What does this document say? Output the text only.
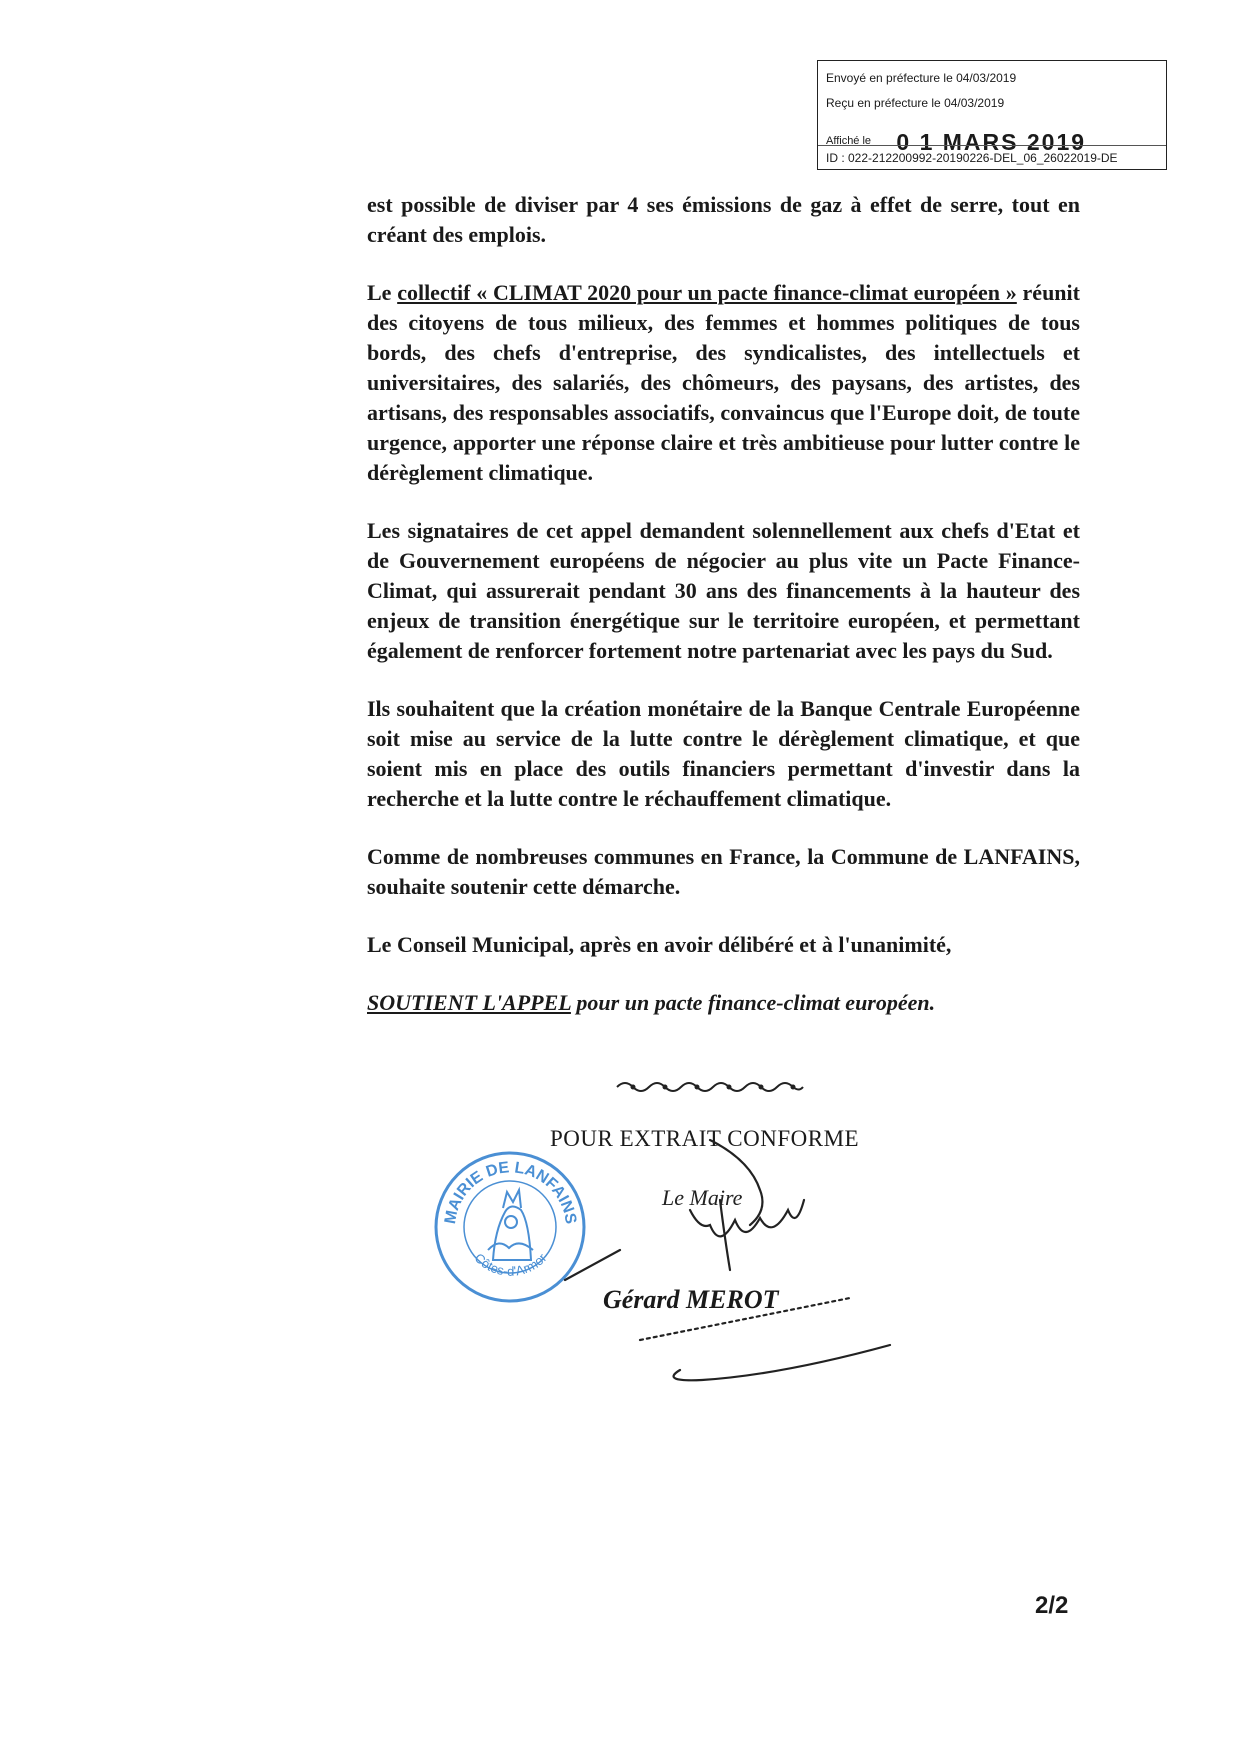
Envoyé en préfecture le 04/03/2019
Reçu en préfecture le 04/03/2019
Affiché le 0 1 MARS 2019
ID : 022-212200992-20190226-DEL_06_26022019-DE

est possible de diviser par 4 ses émissions de gaz à effet de serre, tout en créant des emplois.

Le collectif « CLIMAT 2020 pour un pacte finance-climat européen » réunit des citoyens de tous milieux, des femmes et hommes politiques de tous bords, des chefs d'entreprise, des syndicalistes, des intellectuels et universitaires, des salariés, des chômeurs, des paysans, des artistes, des artisans, des responsables associatifs, convaincus que l'Europe doit, de toute urgence, apporter une réponse claire et très ambitieuse pour lutter contre le dérèglement climatique.

Les signataires de cet appel demandent solennellement aux chefs d'Etat et de Gouvernement européens de négocier au plus vite un Pacte Finance-Climat, qui assurerait pendant 30 ans des financements à la hauteur des enjeux de transition énergétique sur le territoire européen, et permettant également de renforcer fortement notre partenariat avec les pays du Sud.

Ils souhaitent que la création monétaire de la Banque Centrale Européenne soit mise au service de la lutte contre le dérèglement climatique, et que soient mis en place des outils financiers permettant d'investir dans la recherche et la lutte contre le réchauffement climatique.

Comme de nombreuses communes en France, la Commune de LANFAINS, souhaite soutenir cette démarche.

Le Conseil Municipal, après en avoir délibéré et à l'unanimité,

SOUTIENT L'APPEL pour un pacte finance-climat européen.

POUR EXTRAIT CONFORME
Le Maire
MAIRIE DE LANFAINS
Côtes-d'Armor
Gérard MEROT
2/2
